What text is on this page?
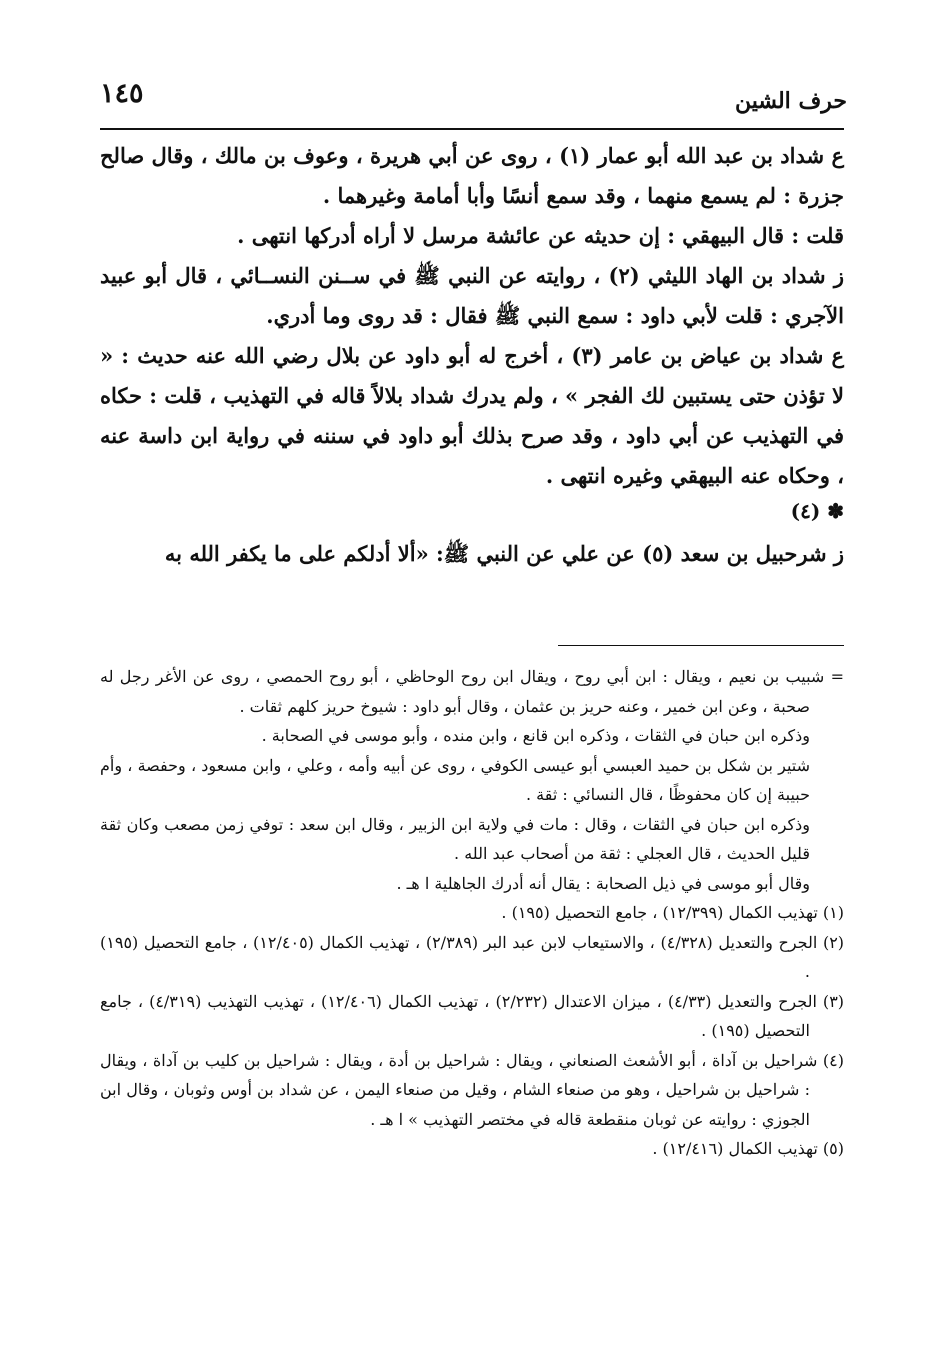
حرف الشين
١٤٥

ع شداد بن عبد الله أبو عمار (١) ، روى عن أبي هريرة ، وعوف بن مالك ، وقال صالح جزرة : لم يسمع منهما ، وقد سمع أنسًا وأبا أمامة وغيرهما .

قلت : قال البيهقي : إن حديثه عن عائشة مرسل لا أراه أدركها انتهى .

ز شداد بن الهاد الليثي (٢) ، روايته عن النبي ﷺ في ســنن النســائي ، قال أبو عبيد الآجري : قلت لأبي داود : سمع النبي ﷺ فقال : قد روى وما أدري.

ع شداد بن عياض بن عامر (٣) ، أخرج له أبو داود عن بلال رضي الله عنه حديث : « لا تؤذن حتى يستبين لك الفجر » ، ولم يدرك شداد بلالاً قاله في التهذيب ، قلت : حكاه في التهذيب عن أبي داود ، وقد صرح بذلك أبو داود في سننه في رواية ابن داسة عنه ، وحكاه عنه البيهقي وغيره انتهى .

✽ (٤)

ز شرحبيل بن سعد (٥) عن علي عن النبي ﷺ: «ألا أدلكم على ما يكفر الله به

= شبيب بن نعيم ، ويقال : ابن أبي روح ، ويقال ابن روح الوحاظي ، أبو روح الحمصي ، روى عن الأغر رجل له صحبة ، وعن ابن خمير ، وعنه حريز بن عثمان ، وقال أبو داود : شيوخ حريز كلهم ثقات .

وذكره ابن حبان في الثقات ، وذكره ابن قانع ، وابن منده ، وأبو موسى في الصحابة .

شتير بن شكل بن حميد العبسي أبو عيسى الكوفي ، روى عن أبيه وأمه ، وعلي ، وابن مسعود ، وحفصة ، وأم حبيبة إن كان محفوظًا ، قال النسائي : ثقة .

وذكره ابن حبان في الثقات ، وقال : مات في ولاية ابن الزبير ، وقال ابن سعد : توفي زمن مصعب وكان ثقة قليل الحديث ، قال العجلي : ثقة من أصحاب عبد الله .

وقال أبو موسى في ذيل الصحابة : يقال أنه أدرك الجاهلية ا هـ .

(١) تهذيب الكمال (١٢/٣٩٩) ، جامع التحصيل (١٩٥) .

(٢) الجرح والتعديل (٤/٣٢٨) ، والاستيعاب لابن عبد البر (٢/٣٨٩) ، تهذيب الكمال (١٢/٤٠٥) ، جامع التحصيل (١٩٥) .

(٣) الجرح والتعديل (٤/٣٣) ، ميزان الاعتدال (٢/٢٣٢) ، تهذيب الكمال (١٢/٤٠٦) ، تهذيب التهذيب (٤/٣١٩) ، جامع التحصيل (١٩٥) .

(٤) شراحيل بن آداة ، أبو الأشعث الصنعاني ، ويقال : شراحيل بن أدة ، ويقال : شراحيل بن كليب بن آداة ، ويقال : شراحيل بن شراحيل ، وهو من صنعاء الشام ، وقيل من صنعاء اليمن ، عن شداد بن أوس وثوبان ، وقال ابن الجوزي : روايته عن ثوبان منقطعة قاله في مختصر التهذيب » ا هـ .

(٥) تهذيب الكمال (١٢/٤١٦) .
